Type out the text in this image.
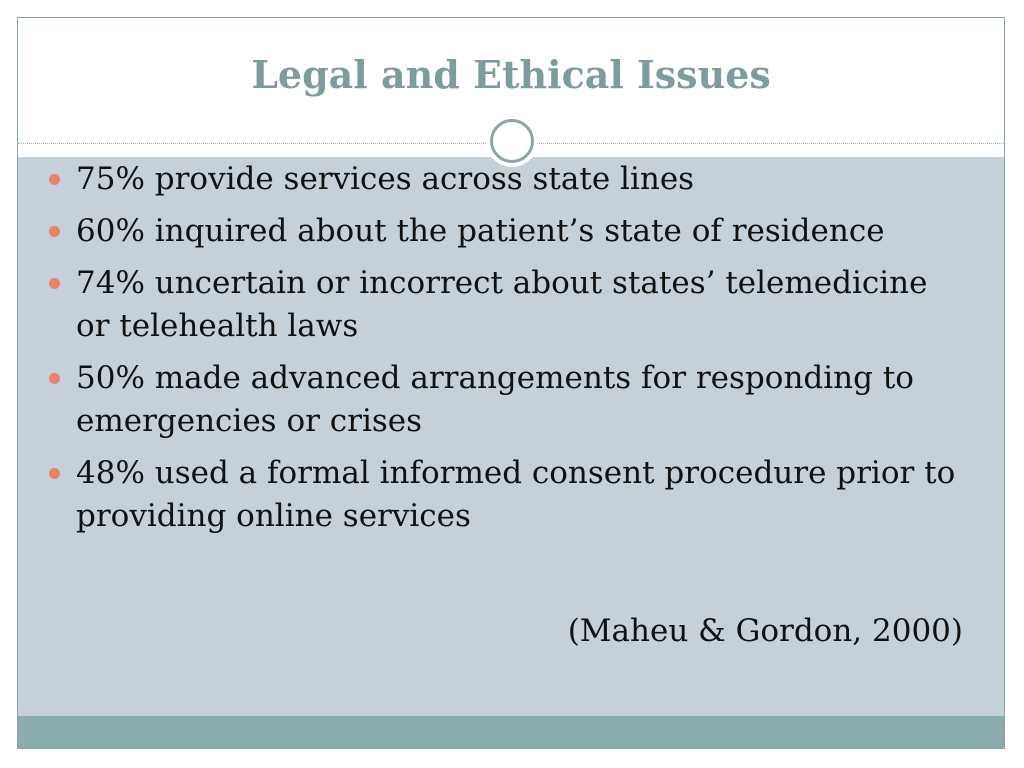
Legal and Ethical Issues
75% provide services across state lines
60% inquired about the patient’s state of residence
74% uncertain or incorrect about states’ telemedicine or telehealth laws
50% made advanced arrangements for responding to emergencies or crises
48% used a formal informed consent procedure prior to providing online services
(Maheu & Gordon, 2000)
